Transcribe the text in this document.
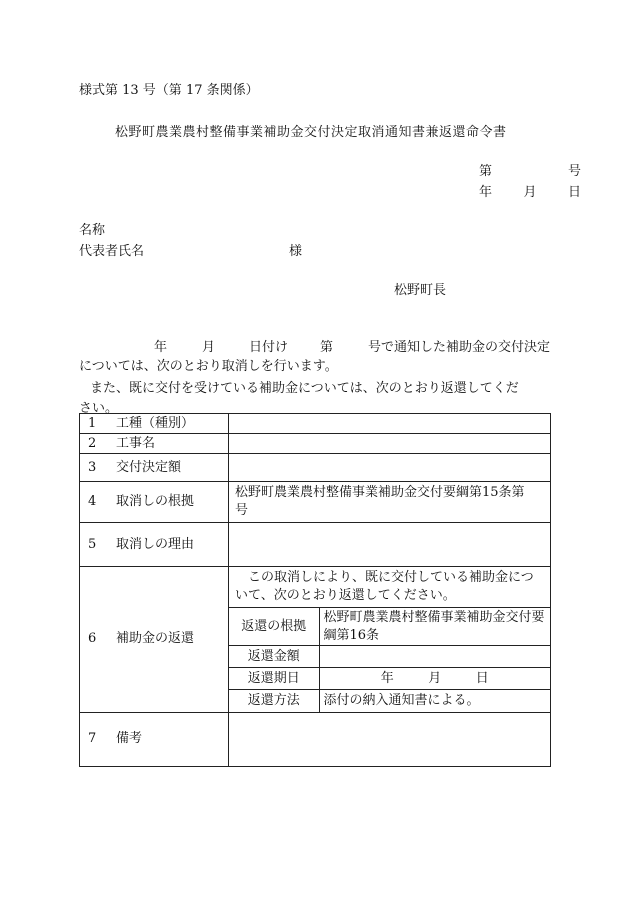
様式第 13 号（第 17 条関係）
松野町農業農村整備事業補助金交付決定取消通知書兼返還命令書
第	号
年 月 日
名称
代表者氏名	様
松野町長
年	月	日付け 第	号で通知した補助金の交付決定
については、次のとおり取消しを行います。
また、既に交付を受けている補助金については、次のとおり返還してくだ
さい。
1	工種（種別）

2	工事名

3	交付決定額

4	取消しの根拠
	松野町農業農村整備事業補助金交付要綱第15条第　号

5	取消しの理由

6	補助金の返還

この取消しにより、既に交付している補助金について、次のとおり返還してください。
返還の根拠	松野町農業農村整備事業補助金交付要綱第16条
返還金額	
返還期日	年	月	日

返還方法	添付の納入通知書による。

7	備考
